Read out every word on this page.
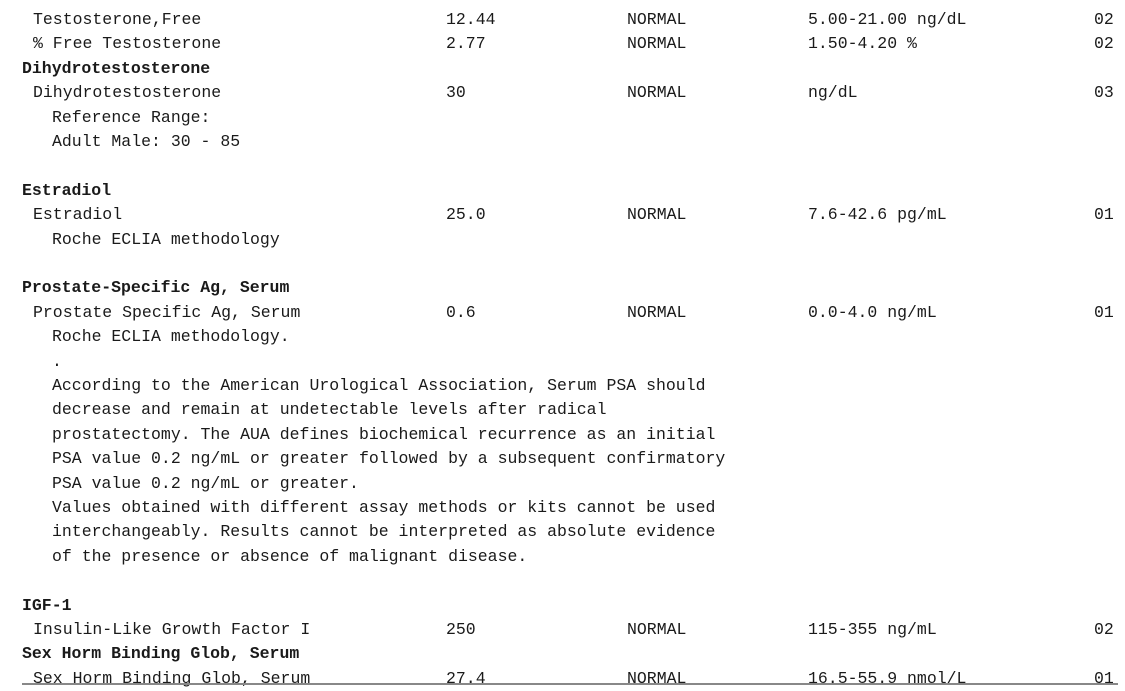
Testosterone,Free	12.44	NORMAL	5.00-21.00 ng/dL	02
% Free Testosterone	2.77	NORMAL	1.50-4.20 %	02
Dihydrotestosterone
Dihydrotestosterone	30	NORMAL	ng/dL	03
Reference Range:
Adult Male: 30 - 85
Estradiol
Estradiol	25.0	NORMAL	7.6-42.6 pg/mL	01
Roche ECLIA methodology
Prostate-Specific Ag, Serum
Prostate Specific Ag, Serum	0.6	NORMAL	0.0-4.0 ng/mL	01
Roche ECLIA methodology.
.
According to the American Urological Association, Serum PSA should
decrease and remain at undetectable levels after radical
prostatectomy. The AUA defines biochemical recurrence as an initial
PSA value 0.2 ng/mL or greater followed by a subsequent confirmatory
PSA value 0.2 ng/mL or greater.
Values obtained with different assay methods or kits cannot be used
interchangeably. Results cannot be interpreted as absolute evidence
of the presence or absence of malignant disease.
IGF-1
Insulin-Like Growth Factor I	250	NORMAL	115-355 ng/mL	02
Sex Horm Binding Glob, Serum
Sex Horm Binding Glob, Serum	27.4	NORMAL	16.5-55.9 nmol/L	01
